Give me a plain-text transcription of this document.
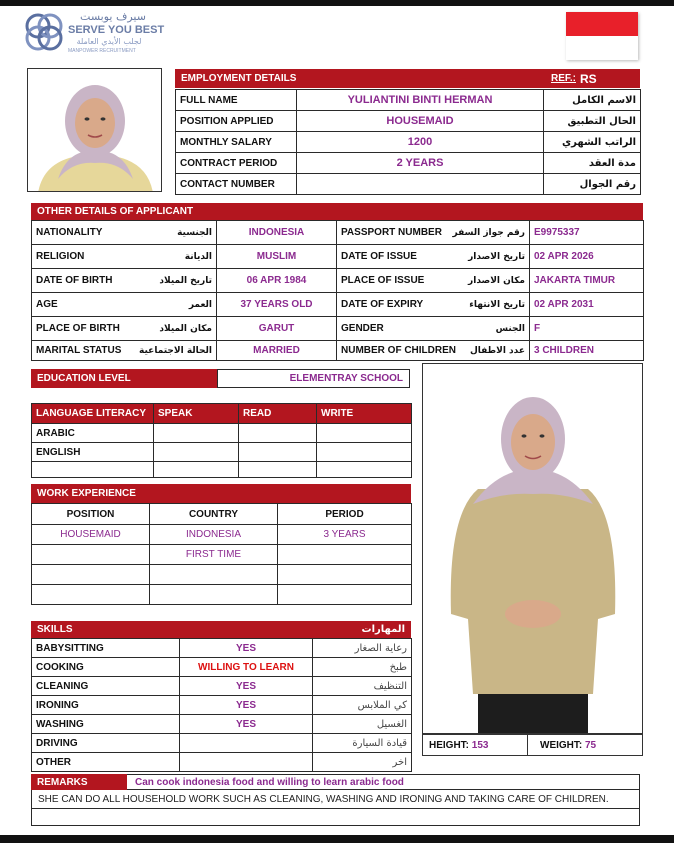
سيرف يوبست
SERVE YOU BEST
لجلب الأيدي العاملة
MANPOWER RECRUITMENT
EMPLOYMENT DETAILS	REF.: RS
FULL NAME	YULIANTINI BINTI HERMAN	الاسم الكامل
POSITION APPLIED	HOUSEMAID	الحال التطبيق
MONTHLY SALARY	1200	الراتب الشهري
CONTRACT PERIOD	2 YEARS	مدة العقد
CONTACT NUMBER		رقم الجوال
OTHER DETAILS OF APPLICANT
NATIONALITY الجنسية	INDONESIA	PASSPORT NUMBER رقم جواز السفر	E9975337

RELIGION الديانة	MUSLIM	DATE OF ISSUE تاريخ الاصدار	02 APR 2026

DATE OF BIRTH تاريخ الميلاد	06 APR 1984	PLACE OF ISSUE مكان الاصدار	JAKARTA TIMUR

AGE العمر	37 YEARS OLD	DATE OF EXPIRY تاريخ الانتهاء	02 APR 2031

PLACE OF BIRTH مكان الميلاد	GARUT	GENDER الجنس	F

MARITAL STATUS الحالة الاجتماعية	MARRIED	NUMBER OF CHILDREN عدد الاطفال	3 CHILDREN
EDUCATION LEVEL	ELEMENTRAY SCHOOL
LANGUAGE LITERACY	SPEAK	READ	WRITE
ARABIC			
ENGLISH			

WORK EXPERIENCE
POSITION	COUNTRY	PERIOD
HOUSEMAID	INDONESIA	3 YEARS
	FIRST TIME	

SKILLS	المهارات
BABYSITTING	YES	رعاية الصغار
COOKING	WILLING TO LEARN	طبخ
CLEANING	YES	التنظيف
IRONING	YES	كي الملابس
WASHING	YES	الغسيل
DRIVING		قيادة السيارة
OTHER		اخر
HEIGHT: 153	WEIGHT: 75
REMARKS	Can cook indonesia food and willing to learn arabic food
SHE CAN DO ALL HOUSEHOLD WORK SUCH AS CLEANING, WASHING AND IRONING AND TAKING CARE OF CHILDREN.
